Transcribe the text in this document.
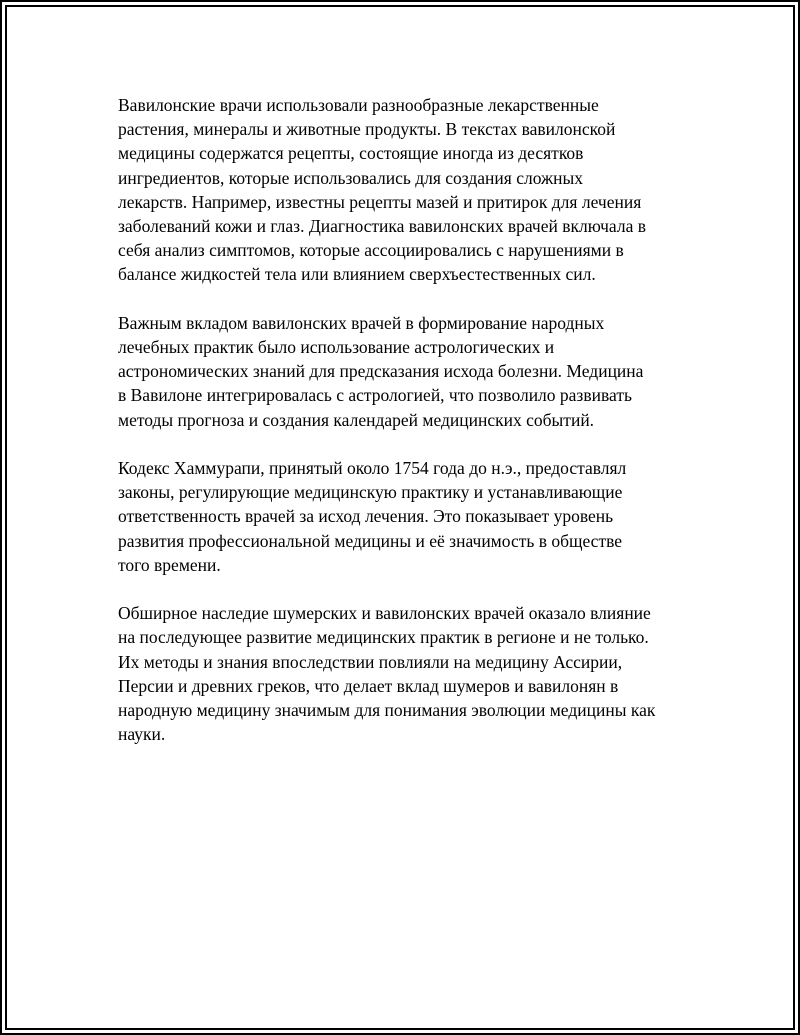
Вавилонские врачи использовали разнообразные лекарственные
растения, минералы и животные продукты. В текстах вавилонской
медицины содержатся рецепты, состоящие иногда из десятков
ингредиентов, которые использовались для создания сложных
лекарств. Например, известны рецепты мазей и притирок для лечения
заболеваний кожи и глаз. Диагностика вавилонских врачей включала в
себя анализ симптомов, которые ассоциировались с нарушениями в
балансе жидкостей тела или влиянием сверхъестественных сил.

Важным вкладом вавилонских врачей в формирование народных
лечебных практик было использование астрологических и
астрономических знаний для предсказания исхода болезни. Медицина
в Вавилоне интегрировалась с астрологией, что позволило развивать
методы прогноза и создания календарей медицинских событий.

Кодекс Хаммурапи, принятый около 1754 года до н.э., предоставлял
законы, регулирующие медицинскую практику и устанавливающие
ответственность врачей за исход лечения. Это показывает уровень
развития профессиональной медицины и её значимость в обществе
того времени.

Обширное наследие шумерских и вавилонских врачей оказало влияние
на последующее развитие медицинских практик в регионе и не только.
Их методы и знания впоследствии повлияли на медицину Ассирии,
Персии и древних греков, что делает вклад шумеров и вавилонян в
народную медицину значимым для понимания эволюции медицины как
науки.
